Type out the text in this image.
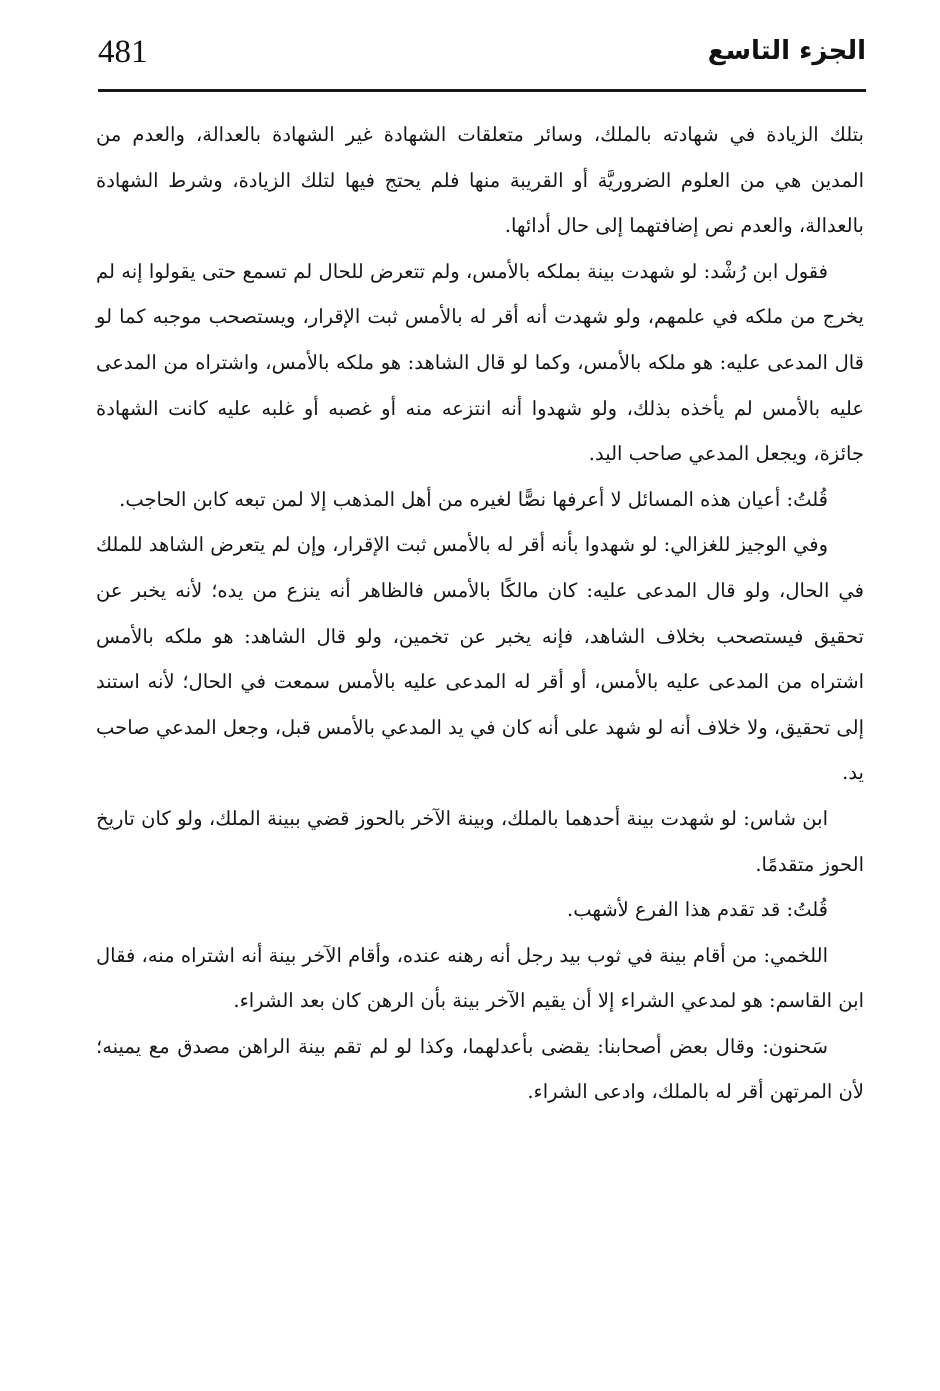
481	الجزء التاسع

بتلك الزيادة في شهادته بالملك، وسائر متعلقات الشهادة غير الشهادة بالعدالة، والعدم من المدين هي من العلوم الضروريَّة أو القريبة منها فلم يحتج فيها لتلك الزيادة، وشرط الشهادة بالعدالة، والعدم نص إضافتهما إلى حال أدائها.

فقول ابن رُشْد: لو شهدت بينة بملكه بالأمس، ولم تتعرض للحال لم تسمع حتى يقولوا إنه لم يخرج من ملكه في علمهم، ولو شهدت أنه أقر له بالأمس ثبت الإقرار، ويستصحب موجبه كما لو قال المدعى عليه: هو ملكه بالأمس، وكما لو قال الشاهد: هو ملكه بالأمس، واشتراه من المدعى عليه بالأمس لم يأخذه بذلك، ولو شهدوا أنه انتزعه منه أو غصبه أو غلبه عليه كانت الشهادة جائزة، ويجعل المدعي صاحب اليد.

قُلتُ: أعيان هذه المسائل لا أعرفها نصًّا لغيره من أهل المذهب إلا لمن تبعه كابن الحاجب.

وفي الوجيز للغزالي: لو شهدوا بأنه أقر له بالأمس ثبت الإقرار، وإن لم يتعرض الشاهد للملك في الحال، ولو قال المدعى عليه: كان مالكًا بالأمس فالظاهر أنه ينزع من يده؛ لأنه يخبر عن تحقيق فيستصحب بخلاف الشاهد، فإنه يخبر عن تخمين، ولو قال الشاهد: هو ملكه بالأمس اشتراه من المدعى عليه بالأمس، أو أقر له المدعى عليه بالأمس سمعت في الحال؛ لأنه استند إلى تحقيق، ولا خلاف أنه لو شهد على أنه كان في يد المدعي بالأمس قبل، وجعل المدعي صاحب يد.

ابن شاس: لو شهدت بينة أحدهما بالملك، وبينة الآخر بالحوز قضي ببينة الملك، ولو كان تاريخ الحوز متقدمًا.

قُلتُ: قد تقدم هذا الفرع لأشهب.

اللخمي: من أقام بينة في ثوب بيد رجل أنه رهنه عنده، وأقام الآخر بينة أنه اشتراه منه، فقال ابن القاسم: هو لمدعي الشراء إلا أن يقيم الآخر بينة بأن الرهن كان بعد الشراء.

سَحنون: وقال بعض أصحابنا: يقضى بأعدلهما، وكذا لو لم تقم بينة الراهن مصدق مع يمينه؛ لأن المرتهن أقر له بالملك، وادعى الشراء.
